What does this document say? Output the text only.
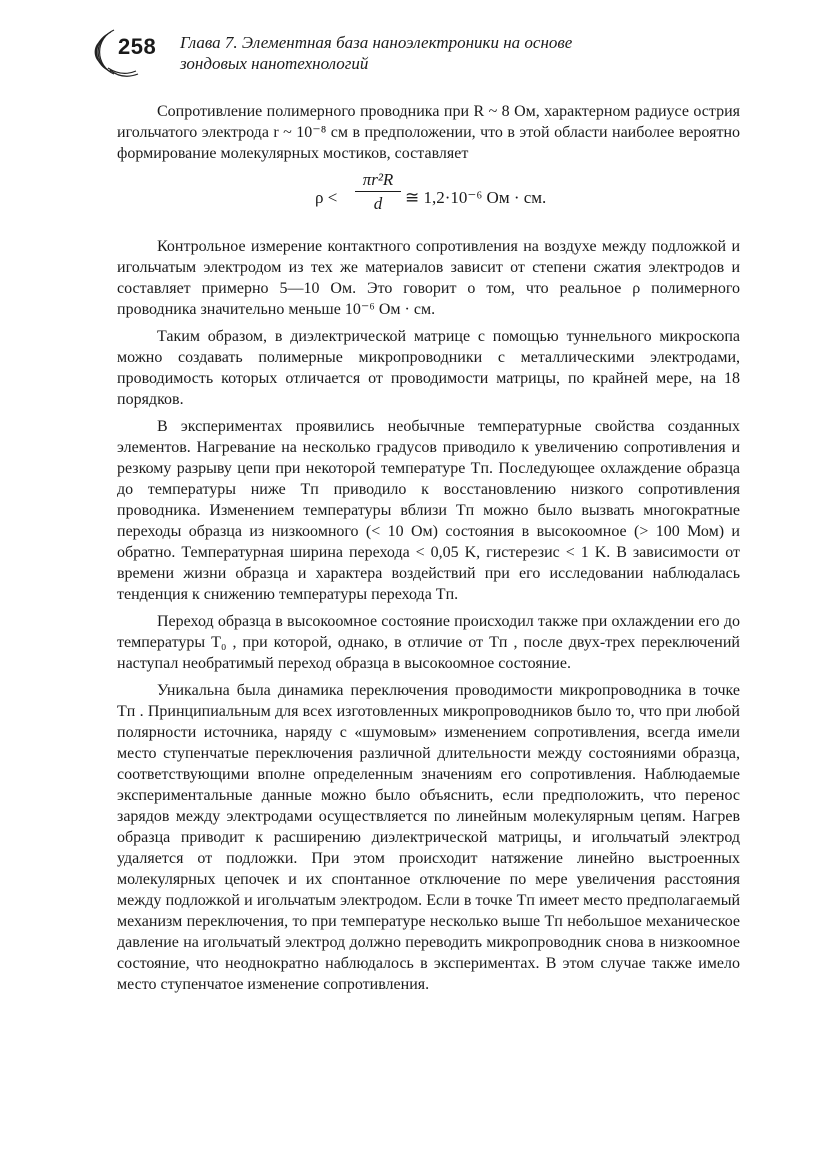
258 Глава 7. Элементная база наноэлектроники на основе
зондовых нанотехнологий

Сопротивление полимерного проводника при R ~ 8 Ом, характерном радиусе острия игольчатого электрода r ~ 10⁻⁸ см в предположении, что в этой области наиболее вероятно формирование молекулярных мостиков, составляет

ρ <
πr²R
d	≅ 1,2·10⁻⁶ Ом · см.

Контрольное измерение контактного сопротивления на воздухе между подложкой и игольчатым электродом из тех же материалов зависит от степени сжатия электродов и составляет примерно 5—10 Ом. Это говорит о том, что реальное ρ полимерного проводника значительно меньше 10⁻⁶ Ом · см.

Таким образом, в диэлектрической матрице с помощью туннельного микроскопа можно создавать полимерные микропроводники с металлическими электродами, проводимость которых отличается от проводимости матрицы, по крайней мере, на 18 порядков.

В экспериментах проявились необычные температурные свойства созданных элементов. Нагревание на несколько градусов приводило к увеличению сопротивления и резкому разрыву цепи при некоторой температуре Tп. Последующее охлаждение образца до температуры ниже Tп приводило к восстановлению низкого сопротивления проводника. Изменением температуры вблизи Tп можно было вызвать многократные переходы образца из низкоомного (< 10 Ом) состояния в высокоомное (> 100 Мом) и обратно. Температурная ширина перехода < 0,05 K, гистерезис < 1 K. В зависимости от времени жизни образца и характера воздействий при его исследовании наблюдалась тенденция к снижению температуры перехода Tп.

Переход образца в высокоомное состояние происходил также при охлаждении его до температуры T₀ , при которой, однако, в отличие от Tп , после двух-трех переключений наступал необратимый переход образца в высокоомное состояние.

Уникальна была динамика переключения проводимости микропроводника в точке Tп . Принципиальным для всех изготовленных микропроводников было то, что при любой полярности источника, наряду с «шумовым» изменением сопротивления, всегда имели место ступенчатые переключения различной длительности между состояниями образца, соответствующими вполне определенным значениям его сопротивления. Наблюдаемые экспериментальные данные можно было объяснить, если предположить, что перенос зарядов между электродами осуществляется по линейным молекулярным цепям. Нагрев образца приводит к расширению диэлектрической матрицы, и игольчатый электрод удаляется от подложки. При этом происходит натяжение линейно выстроенных молекулярных цепочек и их спонтанное отключение по мере увеличения расстояния между подложкой и игольчатым электродом. Если в точке Tп имеет место предполагаемый механизм переключения, то при температуре несколько выше Tп небольшое механическое давление на игольчатый электрод должно переводить микропроводник снова в низкоомное состояние, что неоднократно наблюдалось в экспериментах. В этом случае также имело место ступенчатое изменение сопротивления.
